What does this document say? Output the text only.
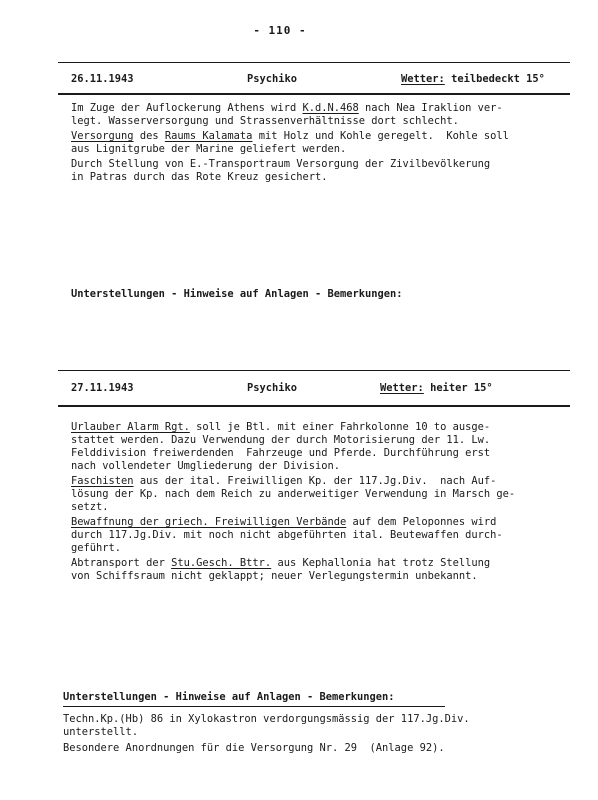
- 110 -
26.11.1943	Psychiko	Wetter: teilbedeckt 15°
Im Zuge der Auflockerung Athens wird K.d.N.468 nach Nea Iraklion ver-
legt. Wasserversorgung und Strassenverhältnisse dort schlecht.
Versorgung des Raums Kalamata mit Holz und Kohle geregelt.  Kohle soll
aus Lignitgrube der Marine geliefert werden.
Durch Stellung von E.-Transportraum Versorgung der Zivilbevölkerung
in Patras durch das Rote Kreuz gesichert.
Unterstellungen - Hinweise auf Anlagen - Bemerkungen:
27.11.1943	Psychiko	Wetter: heiter 15°
Urlauber Alarm Rgt. soll je Btl. mit einer Fahrkolonne 10 to ausge-
stattet werden. Dazu Verwendung der durch Motorisierung der 11. Lw.
Felddivision freiwerdenden  Fahrzeuge und Pferde. Durchführung erst
nach vollendeter Umgliederung der Division.
Faschisten aus der ital. Freiwilligen Kp. der 117.Jg.Div.  nach Auf-
lösung der Kp. nach dem Reich zu anderweitiger Verwendung in Marsch ge-
setzt.
Bewaffnung der griech. Freiwilligen Verbände auf dem Peloponnes wird
durch 117.Jg.Div. mit noch nicht abgeführten ital. Beutewaffen durch-
geführt.
Abtransport der Stu.Gesch. Bttr. aus Kephallonia hat trotz Stellung
von Schiffsraum nicht geklappt; neuer Verlegungstermin unbekannt.
Unterstellungen - Hinweise auf Anlagen - Bemerkungen:
Techn.Kp.(Hb) 86 in Xylokastron verdorgungsmässig der 117.Jg.Div.
unterstellt.
Besondere Anordnungen für die Versorgung Nr. 29  (Anlage 92).
